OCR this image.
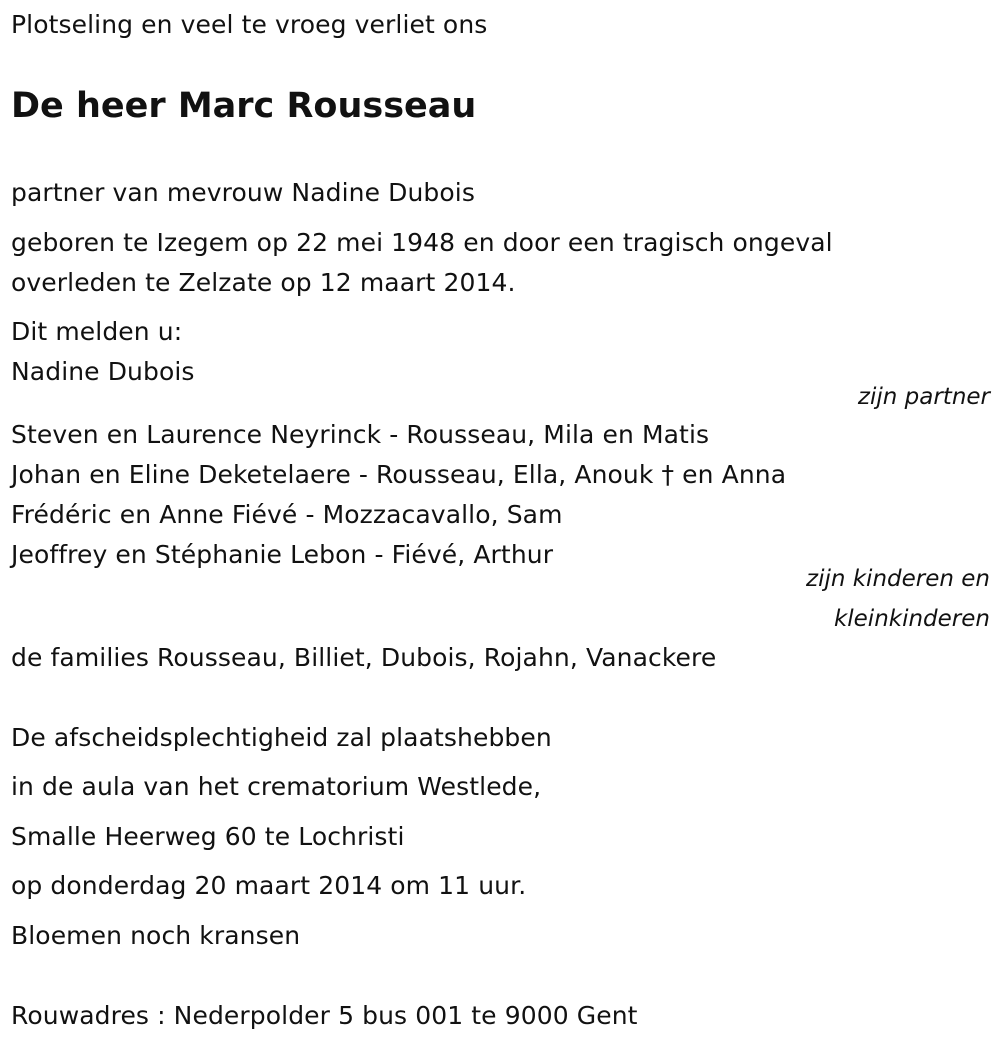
Plotseling en veel te vroeg verliet ons
De heer Marc Rousseau
partner van mevrouw Nadine Dubois
geboren te Izegem op 22 mei 1948 en door een tragisch ongeval
overleden te Zelzate op 12 maart 2014.
Dit melden u:
Nadine Dubois
zijn partner
Steven en Laurence Neyrinck - Rousseau, Mila en Matis
Johan en Eline Deketelaere - Rousseau, Ella, Anouk † en Anna
Frédéric en Anne Fiévé - Mozzacavallo, Sam
Jeoffrey en Stéphanie Lebon - Fiévé, Arthur
zijn kinderen en
kleinkinderen
de families Rousseau, Billiet, Dubois, Rojahn, Vanackere
De afscheidsplechtigheid zal plaatshebben
in de aula van het crematorium Westlede,
Smalle Heerweg 60 te Lochristi
op donderdag 20 maart 2014 om 11 uur.
Bloemen noch kransen
Rouwadres : Nederpolder 5 bus 001 te 9000 Gent
